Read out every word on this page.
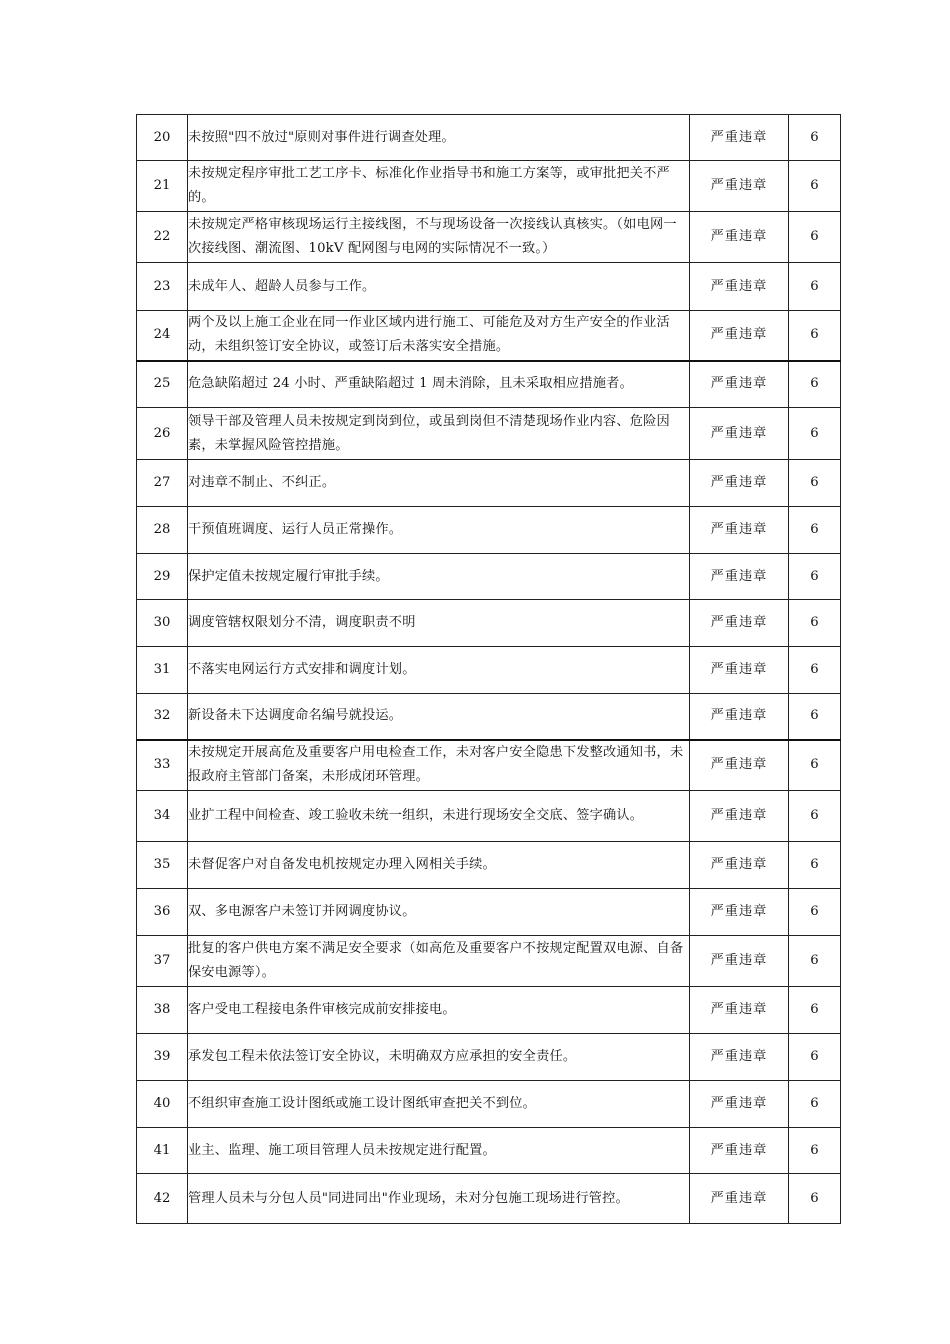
20	未按照"四不放过"原则对事件进行调查处理。	严重违章	6
21	未按规定程序审批工艺工序卡、标准化作业指导书和施工方案等，或审批把关不严的。	严重违章	6
22	未按规定严格审核现场运行主接线图，不与现场设备一次接线认真核实。（如电网一次接线图、潮流图、10kV 配网图与电网的实际情况不一致。）	严重违章	6
23	未成年人、超龄人员参与工作。	严重违章	6
24	两个及以上施工企业在同一作业区域内进行施工、可能危及对方生产安全的作业活动，未组织签订安全协议，或签订后未落实安全措施。	严重违章	6
25	危急缺陷超过 24 小时、严重缺陷超过 1 周未消除，且未采取相应措施者。	严重违章	6
26	领导干部及管理人员未按规定到岗到位，或虽到岗但不清楚现场作业内容、危险因素，未掌握风险管控措施。	严重违章	6
27	对违章不制止、不纠正。	严重违章	6
28	干预值班调度、运行人员正常操作。	严重违章	6
29	保护定值未按规定履行审批手续。	严重违章	6
30	调度管辖权限划分不清，调度职责不明	严重违章	6
31	不落实电网运行方式安排和调度计划。	严重违章	6
32	新设备未下达调度命名编号就投运。	严重违章	6
33	未按规定开展高危及重要客户用电检查工作，未对客户安全隐患下发整改通知书，未报政府主管部门备案，未形成闭环管理。	严重违章	6
34	业扩工程中间检查、竣工验收未统一组织，未进行现场安全交底、签字确认。	严重违章	6
35	未督促客户对自备发电机按规定办理入网相关手续。	严重违章	6
36	双、多电源客户未签订并网调度协议。	严重违章	6
37	批复的客户供电方案不满足安全要求（如高危及重要客户不按规定配置双电源、自备保安电源等）。	严重违章	6
38	客户受电工程接电条件审核完成前安排接电。	严重违章	6
39	承发包工程未依法签订安全协议，未明确双方应承担的安全责任。	严重违章	6
40	不组织审查施工设计图纸或施工设计图纸审查把关不到位。	严重违章	6
41	业主、监理、施工项目管理人员未按规定进行配置。	严重违章	6
42	管理人员未与分包人员"同进同出"作业现场，未对分包施工现场进行管控。	严重违章	6
